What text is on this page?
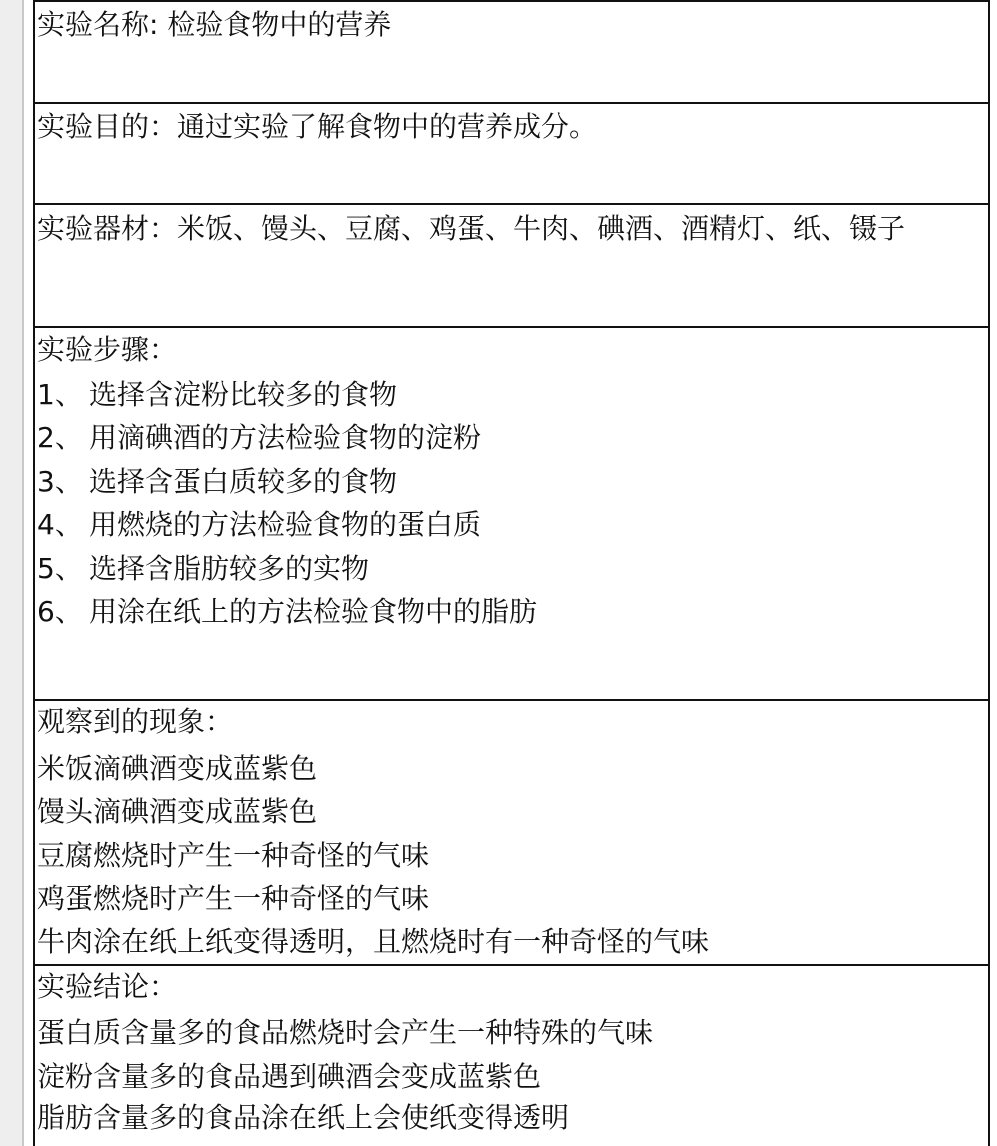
实验名称: 检验食物中的营养
实验目的：通过实验了解食物中的营养成分。
实验器材：米饭、馒头、豆腐、鸡蛋、牛肉、碘酒、酒精灯、纸、镊子
实验步骤：
1、 选择含淀粉比较多的食物
2、 用滴碘酒的方法检验食物的淀粉
3、 选择含蛋白质较多的食物
4、 用燃烧的方法检验食物的蛋白质
5、 选择含脂肪较多的实物
6、 用涂在纸上的方法检验食物中的脂肪
观察到的现象：
米饭滴碘酒变成蓝紫色
馒头滴碘酒变成蓝紫色
豆腐燃烧时产生一种奇怪的气味
鸡蛋燃烧时产生一种奇怪的气味
牛肉涂在纸上纸变得透明，且燃烧时有一种奇怪的气味
实验结论：
蛋白质含量多的食品燃烧时会产生一种特殊的气味
淀粉含量多的食品遇到碘酒会变成蓝紫色
脂肪含量多的食品涂在纸上会使纸变得透明
